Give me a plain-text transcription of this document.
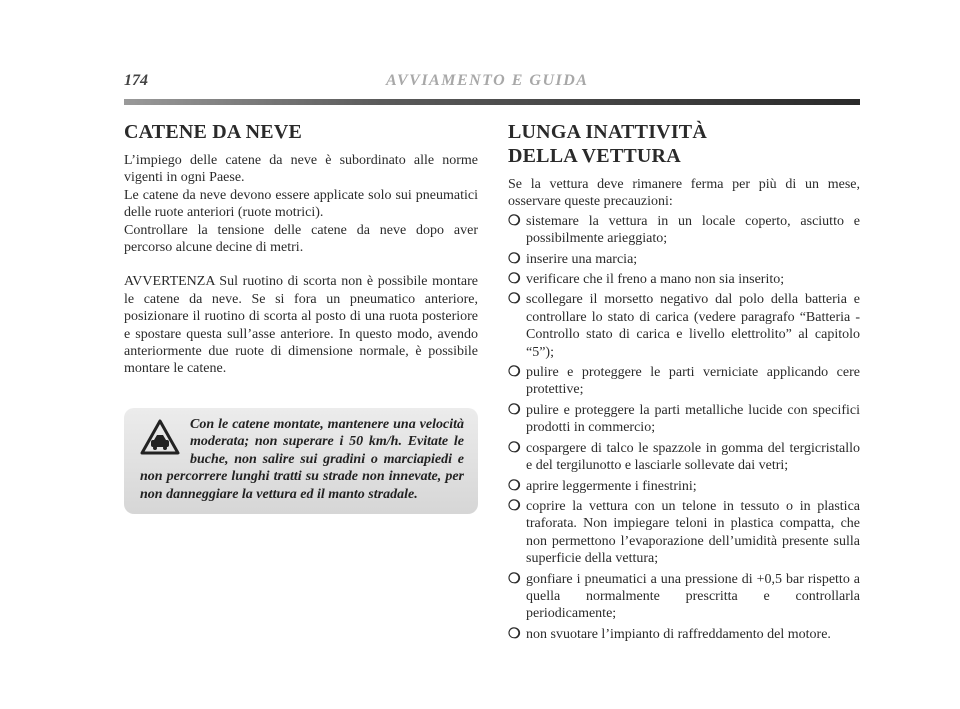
174	AVVIAMENTO E GUIDA
CATENE DA NEVE

L’impiego delle catene da neve è subordinato alle norme vigenti in ogni Paese.

Le catene da neve devono essere applicate solo sui pneumatici delle ruote anteriori (ruote motrici).

Controllare la tensione delle catene da neve dopo aver percorso alcune decine di metri.

AVVERTENZA Sul ruotino di scorta non è possibile montare le catene da neve. Se si fora un pneumatico anteriore, posizionare il ruotino di scorta al posto di una ruota posteriore e spostare questa sull’asse anteriore. In questo modo, avendo anteriormente due ruote di dimensione normale, è possibile montare le catene.

Con le catene montate, mantenere una velocità moderata; non superare i 50 km/h. Evitate le buche, non salire sui gradini o marciapiedi e non percorrere lunghi tratti su strade non innevate, per non danneggiare la vettura ed il manto stradale.
LUNGA INATTIVITÀ
DELLA VETTURA

Se la vettura deve rimanere ferma per più di un mese, osservare queste precauzioni:

❍ sistemare la vettura in un locale coperto, asciutto e possibilmente arieggiato;
❍ inserire una marcia;
❍ verificare che il freno a mano non sia inserito;
❍ scollegare il morsetto negativo dal polo della batteria e controllare lo stato di carica (vedere paragrafo “Batteria - Controllo stato di carica e livello elettrolito” al capitolo “5”);
❍ pulire e proteggere le parti verniciate applicando cere protettive;
❍ pulire e proteggere la parti metalliche lucide con specifici prodotti in commercio;
❍ cospargere di talco le spazzole in gomma del tergicristallo e del tergilunotto e lasciarle sollevate dai vetri;
❍ aprire leggermente i finestrini;
❍ coprire la vettura con un telone in tessuto o in plastica traforata. Non impiegare teloni in plastica compatta, che non permettono l’evaporazione dell’umidità presente sulla superficie della vettura;
❍ gonfiare i pneumatici a una pressione di +0,5 bar rispetto a quella normalmente prescritta e controllarla periodicamente;
❍ non svuotare l’impianto di raffreddamento del motore.
